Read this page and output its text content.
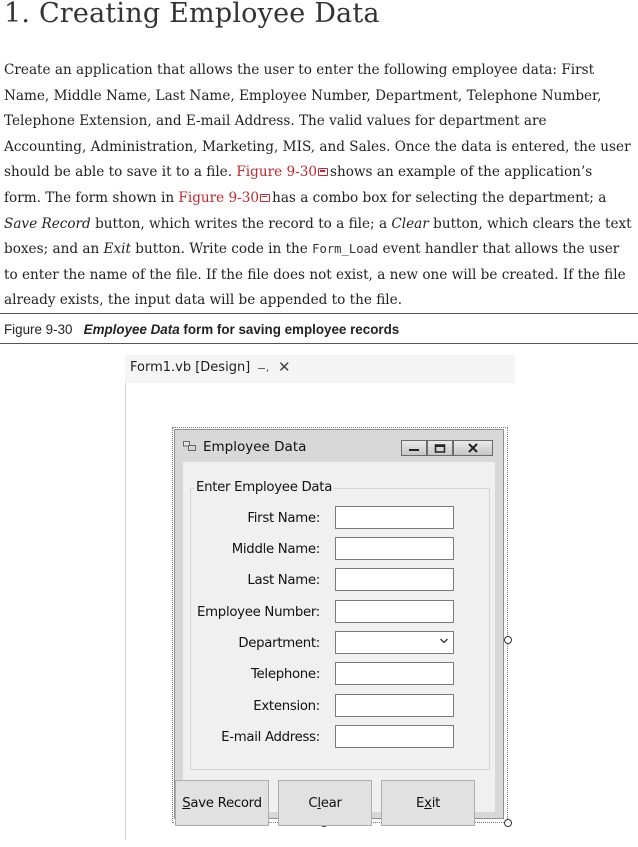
1. Creating Employee Data

Create an application that allows the user to enter the following employee data: First Name, Middle Name, Last Name, Employee Number, Department, Telephone Number, Telephone Extension, and E-mail Address. The valid values for department are Accounting, Administration, Marketing, MIS, and Sales. Once the data is entered, the user should be able to save it to a file. Figure 9-30 shows an example of the application’s form. The form shown in Figure 9-30 has a combo box for selecting the department; a Save Record button, which writes the record to a file; a Clear button, which clears the text boxes; and an Exit button. Write code in the Form_Load event handler that allows the user to enter the name of the file. If the file does not exist, a new one will be created. If the file already exists, the input data will be appended to the file.

Figure 9-30 Employee Data form for saving employee records
Form1.vb [Design] −⸴ ✕
Employee Data
Enter Employee Data
First Name:
Middle Name:
Last Name:
Employee Number:
Department:
Telephone:
Extension:
E-mail Address:
S ave Record	C l ear	E x it
